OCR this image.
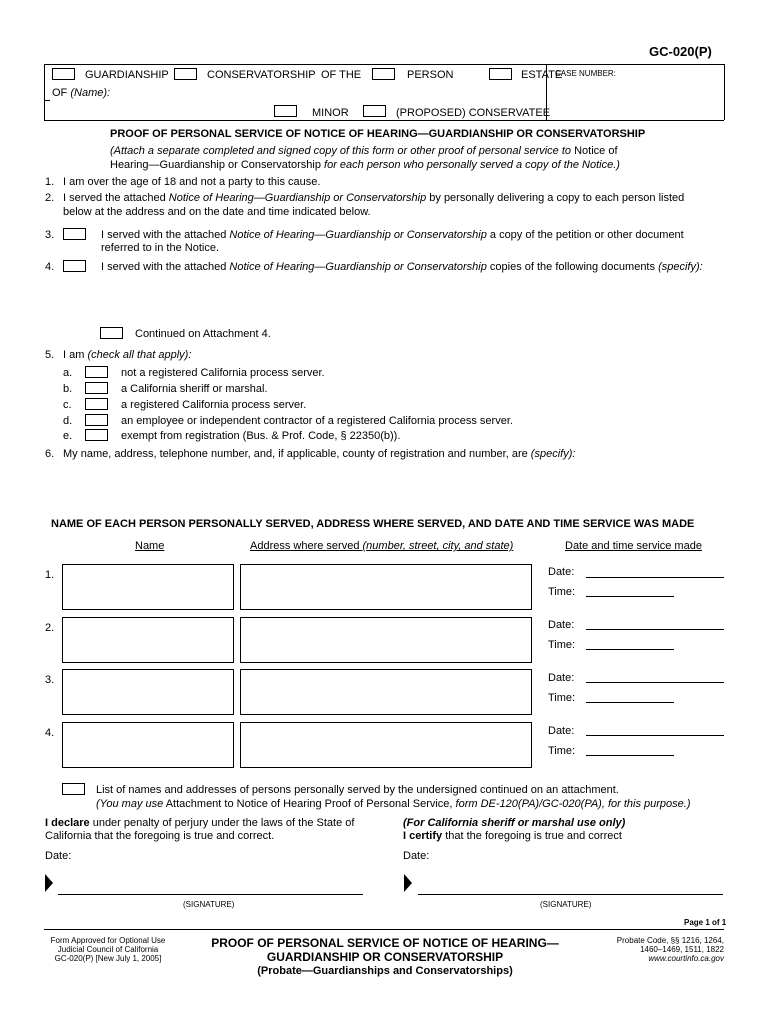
GC-020(P)
GUARDIANSHIP	CONSERVATORSHIP OF THE	PERSON	ESTATE
CASE NUMBER:
OF (Name):
MINOR	(PROPOSED) CONSERVATEE
PROOF OF PERSONAL SERVICE OF NOTICE OF HEARING—GUARDIANSHIP OR CONSERVATORSHIP
(Attach a separate completed and signed copy of this form or other proof of personal service to Notice of
Hearing—Guardianship or Conservatorship for each person who personally served a copy of the Notice.)
1. I am over the age of 18 and not a party to this cause.
2. I served the attached Notice of Hearing—Guardianship or Conservatorship by personally delivering a copy to each person listed
below at the address and on the date and time indicated below.
3.	I served with the attached Notice of Hearing—Guardianship or Conservatorship a copy of the petition or other document
referred to in the Notice.
4.	I served with the attached Notice of Hearing—Guardianship or Conservatorship copies of the following documents (specify):
Continued on Attachment 4.
5. I am (check all that apply):
a.	not a registered California process server.
b.	a California sheriff or marshal.
c.	a registered California process server.
d.	an employee or independent contractor of a registered California process server.
e.	exempt from registration (Bus. & Prof. Code, § 22350(b)).
6. My name, address, telephone number, and, if applicable, county of registration and number, are (specify):
NAME OF EACH PERSON PERSONALLY SERVED, ADDRESS WHERE SERVED, AND DATE AND TIME SERVICE WAS MADE
Name	Address where served (number, street, city, and state)	Date and time service made
1.	Date:
Time:
2.	Date:
Time:
3.	Date:
Time:
4.	Date:
Time:
List of names and addresses of persons personally served by the undersigned continued on an attachment.
(You may use Attachment to Notice of Hearing Proof of Personal Service, form DE-120(PA)/GC-020(PA), for this purpose.)
I declare under penalty of perjury under the laws of the State of
California that the foregoing is true and correct.
Date:
(For California sheriff or marshal use only)
I certify that the foregoing is true and correct
Date:
(SIGNATURE)	(SIGNATURE)
Page 1 of 1
Form Approved for Optional Use
Judicial Council of California
GC-020(P) [New July 1, 2005]
PROOF OF PERSONAL SERVICE OF NOTICE OF HEARING—
GUARDIANSHIP OR CONSERVATORSHIP
(Probate—Guardianships and Conservatorships)
Probate Code, §§ 1216, 1264,
1460–1469, 1511, 1822
www.courtinfo.ca.gov
